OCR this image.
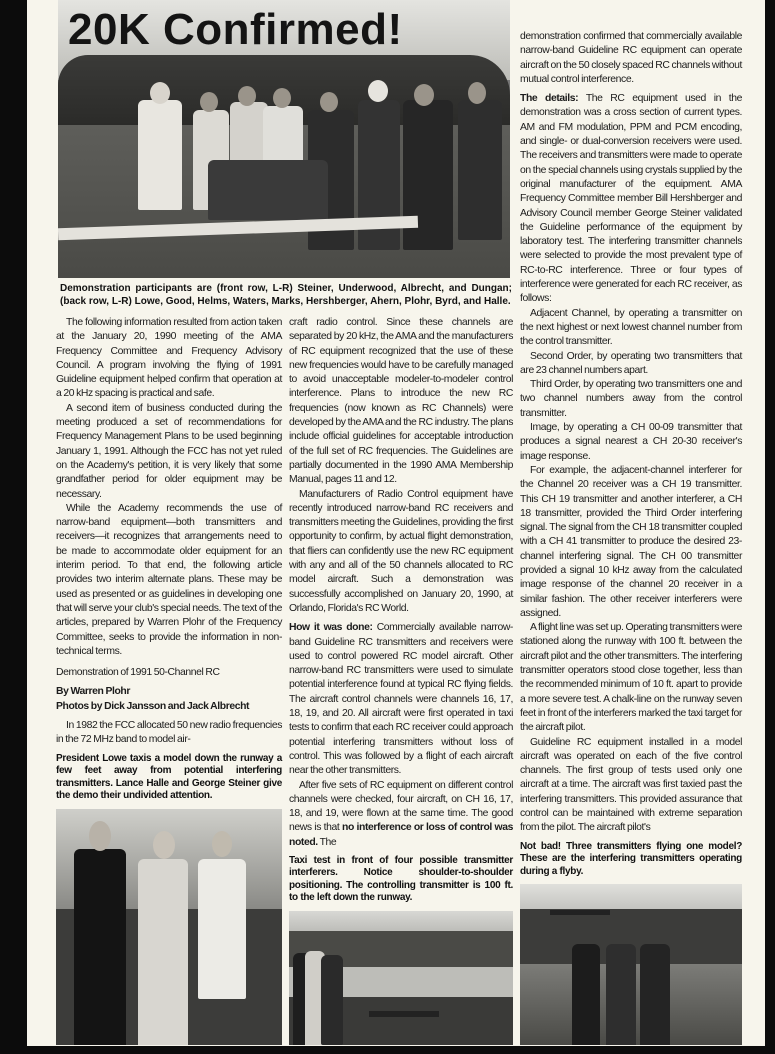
20K Confirmed!
Demonstration participants are (front row, L-R) Steiner, Underwood, Albrecht, and Dungan; (back row, L-R) Lowe, Good, Helms, Waters, Marks, Hershberger, Ahern, Plohr, Byrd, and Halle.

The following information resulted from action taken at the January 20, 1990 meeting of the AMA Frequency Committee and Frequency Advisory Council. A program involving the flying of 1991 Guideline equipment helped confirm that operation at a 20 kHz spacing is practical and safe.

A second item of business conducted during the meeting produced a set of recommendations for Frequency Management Plans to be used beginning January 1, 1991. Although the FCC has not yet ruled on the Academy's petition, it is very likely that some grandfather period for older equipment may be necessary.

While the Academy recommends the use of narrow-band equipment—both transmitters and receivers—it recognizes that arrangements need to be made to accommodate older equipment for an interim period. To that end, the following article provides two interim alternate plans. These may be used as presented or as guidelines in developing one that will serve your club's special needs. The text of the articles, prepared by Warren Plohr of the Frequency Committee, seeks to provide the information in non-technical terms.

Demonstration of 1991 50-Channel RC

By Warren Plohr

Photos by Dick Jansson and Jack Albrecht

In 1982 the FCC allocated 50 new radio frequencies in the 72 MHz band to model air-

President Lowe taxis a model down the runway a few feet away from potential interfering transmitters. Lance Halle and George Steiner give the demo their undivided attention.

craft radio control. Since these channels are separated by 20 kHz, the AMA and the manufacturers of RC equipment recognized that the use of these new frequencies would have to be carefully managed to avoid unacceptable modeler-to-modeler control interference. Plans to introduce the new RC frequencies (now known as RC Channels) were developed by the AMA and the RC industry. The plans include official guidelines for acceptable introduction of the full set of RC frequencies. The Guidelines are partially documented in the 1990 AMA Membership Manual, pages 11 and 12.

Manufacturers of Radio Control equipment have recently introduced narrow-band RC receivers and transmitters meeting the Guidelines, providing the first opportunity to confirm, by actual flight demonstration, that fliers can confidently use the new RC equipment with any and all of the 50 channels allocated to RC model aircraft. Such a demonstration was successfully accomplished on January 20, 1990, at Orlando, Florida's RC World.

How it was done: Commercially available narrow-band Guideline RC transmitters and receivers were used to control powered RC model aircraft. Other narrow-band RC transmitters were used to simulate potential interference found at typical RC flying fields. The aircraft control channels were channels 16, 17, 18, 19, and 20. All aircraft were first operated in taxi tests to confirm that each RC receiver could approach potential interfering transmitters without loss of control. This was followed by a flight of each aircraft near the other transmitters.

After five sets of RC equipment on different control channels were checked, four aircraft, on CH 16, 17, 18, and 19, were flown at the same time. The good news is that no interference or loss of control was noted. The

Taxi test in front of four possible transmitter interferers. Notice shoulder-to-shoulder positioning. The controlling transmitter is 100 ft. to the left down the runway.

demonstration confirmed that commercially available narrow-band Guideline RC equipment can operate aircraft on the 50 closely spaced RC channels without mutual control interference.

The details: The RC equipment used in the demonstration was a cross section of current types. AM and FM modulation, PPM and PCM encoding, and single- or dual-conversion receivers were used. The receivers and transmitters were made to operate on the special channels using crystals supplied by the original manufacturer of the equipment. AMA Frequency Committee member Bill Hershberger and Advisory Council member George Steiner validated the Guideline performance of the equipment by laboratory test. The interfering transmitter channels were selected to provide the most prevalent type of RC-to-RC interference. Three or four types of interference were generated for each RC receiver, as follows:

Adjacent Channel, by operating a transmitter on the next highest or next lowest channel number from the control transmitter.

Second Order, by operating two transmitters that are 23 channel numbers apart.

Third Order, by operating two transmitters one and two channel numbers away from the control transmitter.

Image, by operating a CH 00-09 transmitter that produces a signal nearest a CH 20-30 receiver's image response.

For example, the adjacent-channel interferer for the Channel 20 receiver was a CH 19 transmitter. This CH 19 transmitter and another interferer, a CH 18 transmitter, provided the Third Order interfering signal. The signal from the CH 18 transmitter coupled with a CH 41 transmitter to produce the desired 23-channel interfering signal. The CH 00 transmitter provided a signal 10 kHz away from the calculated image response of the channel 20 receiver in a similar fashion. The other receiver interferers were assigned.

A flight line was set up. Operating transmitters were stationed along the runway with 100 ft. between the aircraft pilot and the other transmitters. The interfering transmitter operators stood close together, less than the recommended minimum of 10 ft. apart to provide a more severe test. A chalk-line on the runway seven feet in front of the interferers marked the taxi target for the aircraft pilot.

Guideline RC equipment installed in a model aircraft was operated on each of the five control channels. The first group of tests used only one aircraft at a time. The aircraft was first taxied past the interfering transmitters. This provided assurance that control can be maintained with extreme separation from the pilot. The aircraft pilot's

Not bad! Three transmitters flying one model? These are the interfering transmitters operating during a flyby.
